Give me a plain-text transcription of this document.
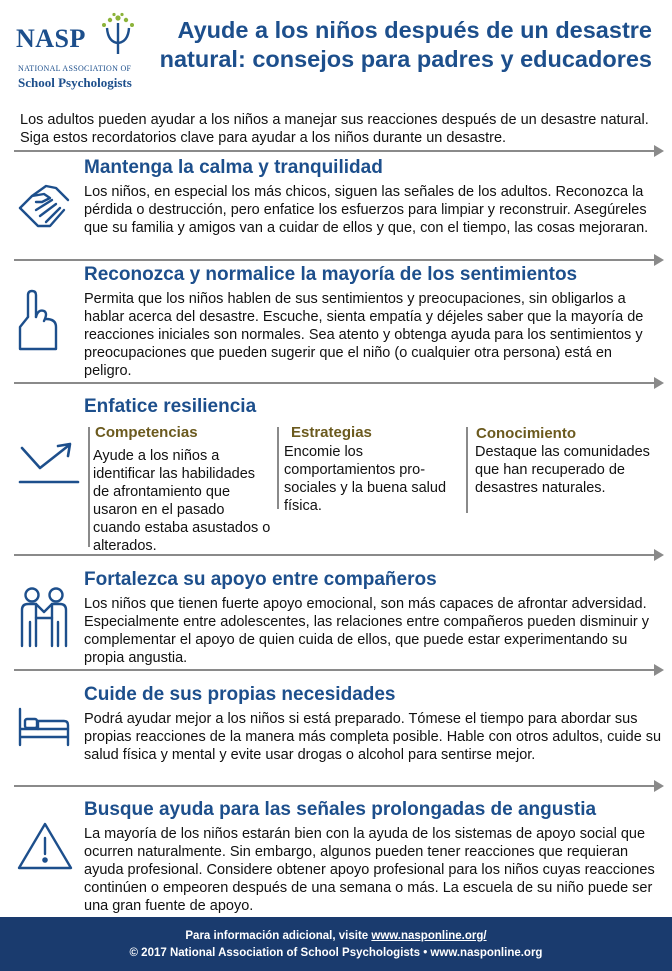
NASP
NATIONAL ASSOCIATION OF
School Psychologists
Ayude a los niños después de un desastre natural: consejos para padres y educadores
Los adultos pueden ayudar a los niños a manejar sus reacciones después de un desastre natural. Siga estos recordatorios clave para ayudar a los niños durante un desastre.
Mantenga la calma y tranquilidad
Los niños, en especial los más chicos, siguen las señales de los adultos. Reconozca la pérdida o destrucción, pero enfatice los esfuerzos para limpiar y reconstruir. Asegúreles que su familia y amigos van a cuidar de ellos y que, con el tiempo, las cosas mejoraran.
Reconozca y normalice la mayoría de los sentimientos
Permita que los niños hablen de sus sentimientos y preocupaciones, sin obligarlos a hablar acerca del desastre. Escuche, sienta empatía y déjeles saber que la mayoría de reacciones iniciales son normales. Sea atento y obtenga ayuda para los sentimientos y preocupaciones que pueden sugerir que el niño (o cualquier otra persona) está en peligro.
Enfatice resiliencia
Competencias
Ayude a los niños a identificar las habilidades de afrontamiento que usaron en el pasado cuando estaba asustados o alterados.
Estrategias
Encomie los comportamientos pro-sociales y la buena salud física.
Conocimiento
Destaque las comunidades que han recuperado de desastres naturales.
Fortalezca su apoyo entre compañeros
Los niños que tienen fuerte apoyo emocional, son más capaces de afrontar adversidad. Especialmente entre adolescentes, las relaciones entre compañeros pueden disminuir y complementar el apoyo de quien cuida de ellos, que puede estar experimentando su propia angustia.
Cuide de sus propias necesidades
Podrá ayudar mejor a los niños si está preparado. Tómese el tiempo para abordar sus propias reacciones de la manera más completa posible. Hable con otros adultos, cuide su salud física y mental y evite usar drogas o alcohol para sentirse mejor.
Busque ayuda para las señales prolongadas de angustia
La mayoría de los niños estarán bien con la ayuda de los sistemas de apoyo social que ocurren naturalmente. Sin embargo, algunos pueden tener reacciones que requieran ayuda profesional. Considere obtener apoyo profesional para los niños cuyas reacciones continúen o empeoren después de una semana o más. La escuela de su niño puede ser una gran fuente de apoyo.
Para información adicional, visite www.nasponline.org/
© 2017 National Association of School Psychologists • www.nasponline.org
